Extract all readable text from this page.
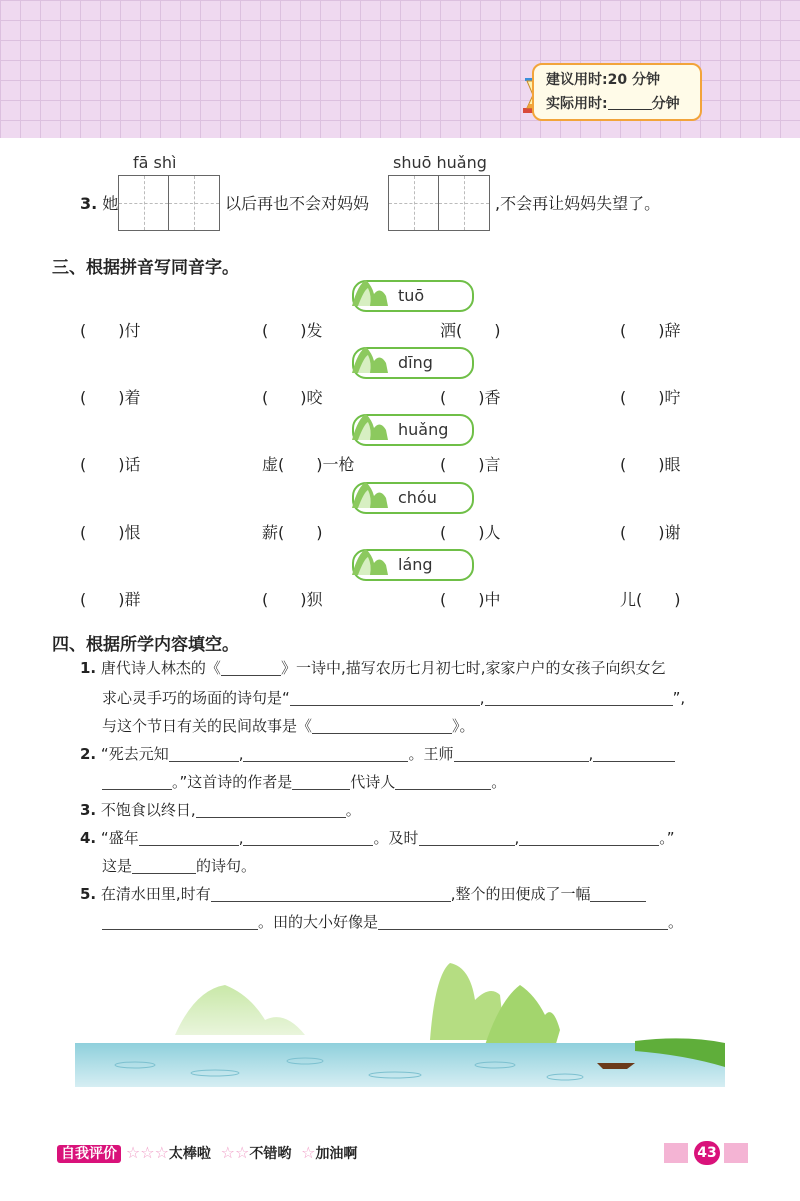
建议用时:20 分钟
实际用时:	分钟
fā shì	shuō huǎng
3. 她	以后再也不会对妈妈	,不会再让妈妈失望了。
三、根据拼音写同音字。
tuō
(　　)付	(　　)发	洒(　　)	(　　)辞
dīng
(　　)着	(　　)咬	(　　)香	(　　)咛
huǎng
(　　)话	虚(　　)一枪	(　　)言	(　　)眼
chóu
(　　)恨	薪(　　)	(　　)人	(　　)谢
láng
(　　)群	(　　)狈	(　　)中	儿(　　)
四、根据所学内容填空。
1. 唐代诗人林杰的《	》一诗中,描写农历七月初七时,家家户户的女孩子向织女乞
求心灵手巧的场面的诗句是“	,	”,
与这个节日有关的民间故事是《	》。
2. “死去元知	,	。王师	,
。”这首诗的作者是	代诗人	。
3. 不饱食以终日,	。
4. “盛年	,	。及时	,	。”
这是	的诗句。
5. 在清水田里,时有	,整个的田便成了一幅
。田的大小好像是	。
自我评价 ☆☆☆太棒啦 ☆☆不错哟 ☆加油啊	43
